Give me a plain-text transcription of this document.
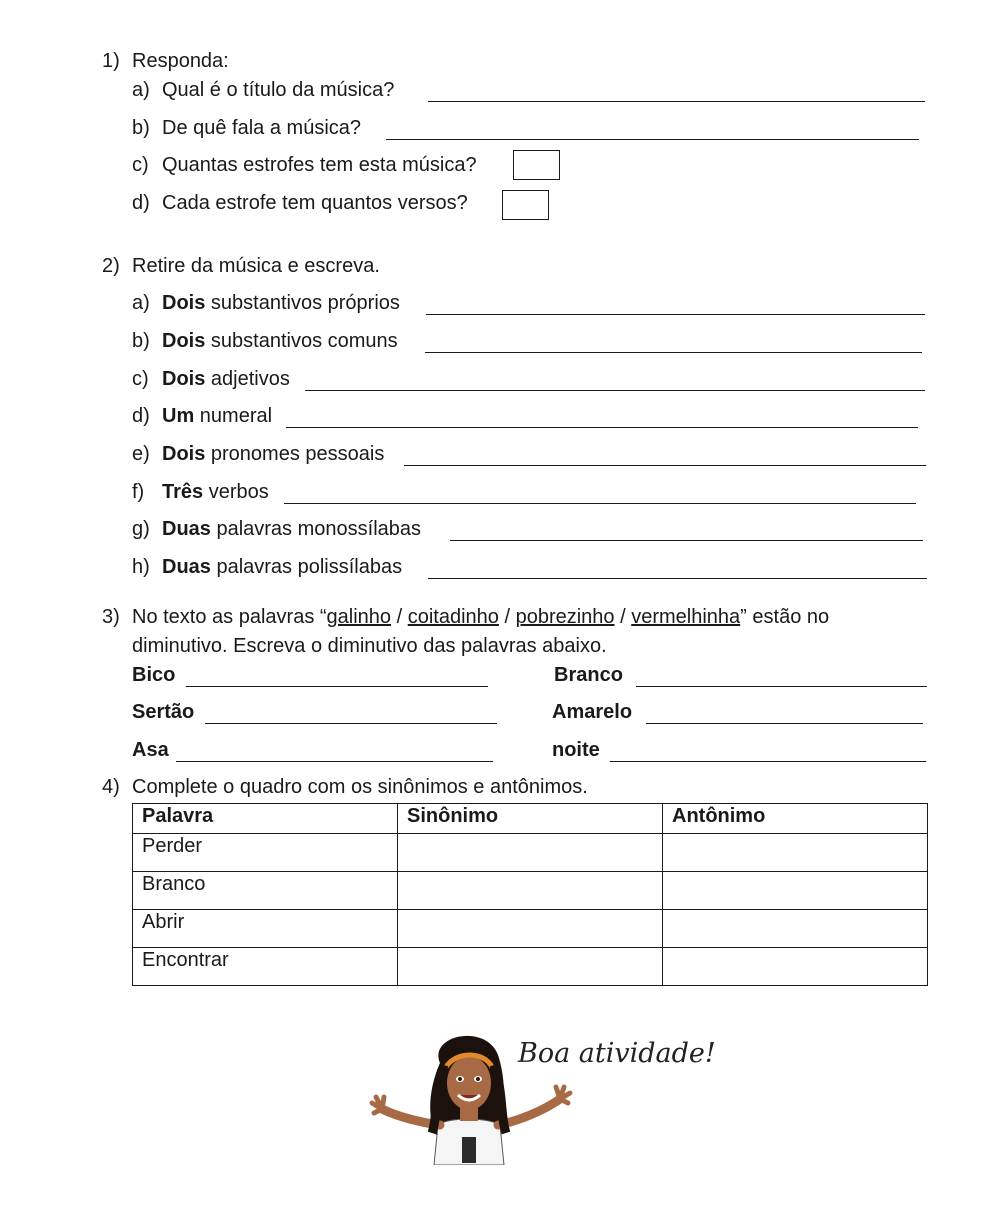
1) Responda:
a) Qual é o título da música?
b) De quê fala a música?
c) Quantas estrofes tem esta música?
d) Cada estrofe tem quantos versos?
2) Retire da música e escreva.
a) Dois substantivos próprios
b) Dois substantivos comuns
c) Dois adjetivos
d) Um numeral
e) Dois pronomes pessoais
f) Três verbos
g) Duas palavras monossílabas
h) Duas palavras polissílabas
3) No texto as palavras “galinho / coitadinho / pobrezinho / vermelhinha” estão no
diminutivo. Escreva o diminutivo das palavras abaixo.
Bico	Branco
Sertão	Amarelo
Asa	noite
4) Complete o quadro com os sinônimos e antônimos.
Palavra	Sinônimo	Antônimo
Perder		
Branco		
Abrir		
Encontrar		
Boa atividade!
